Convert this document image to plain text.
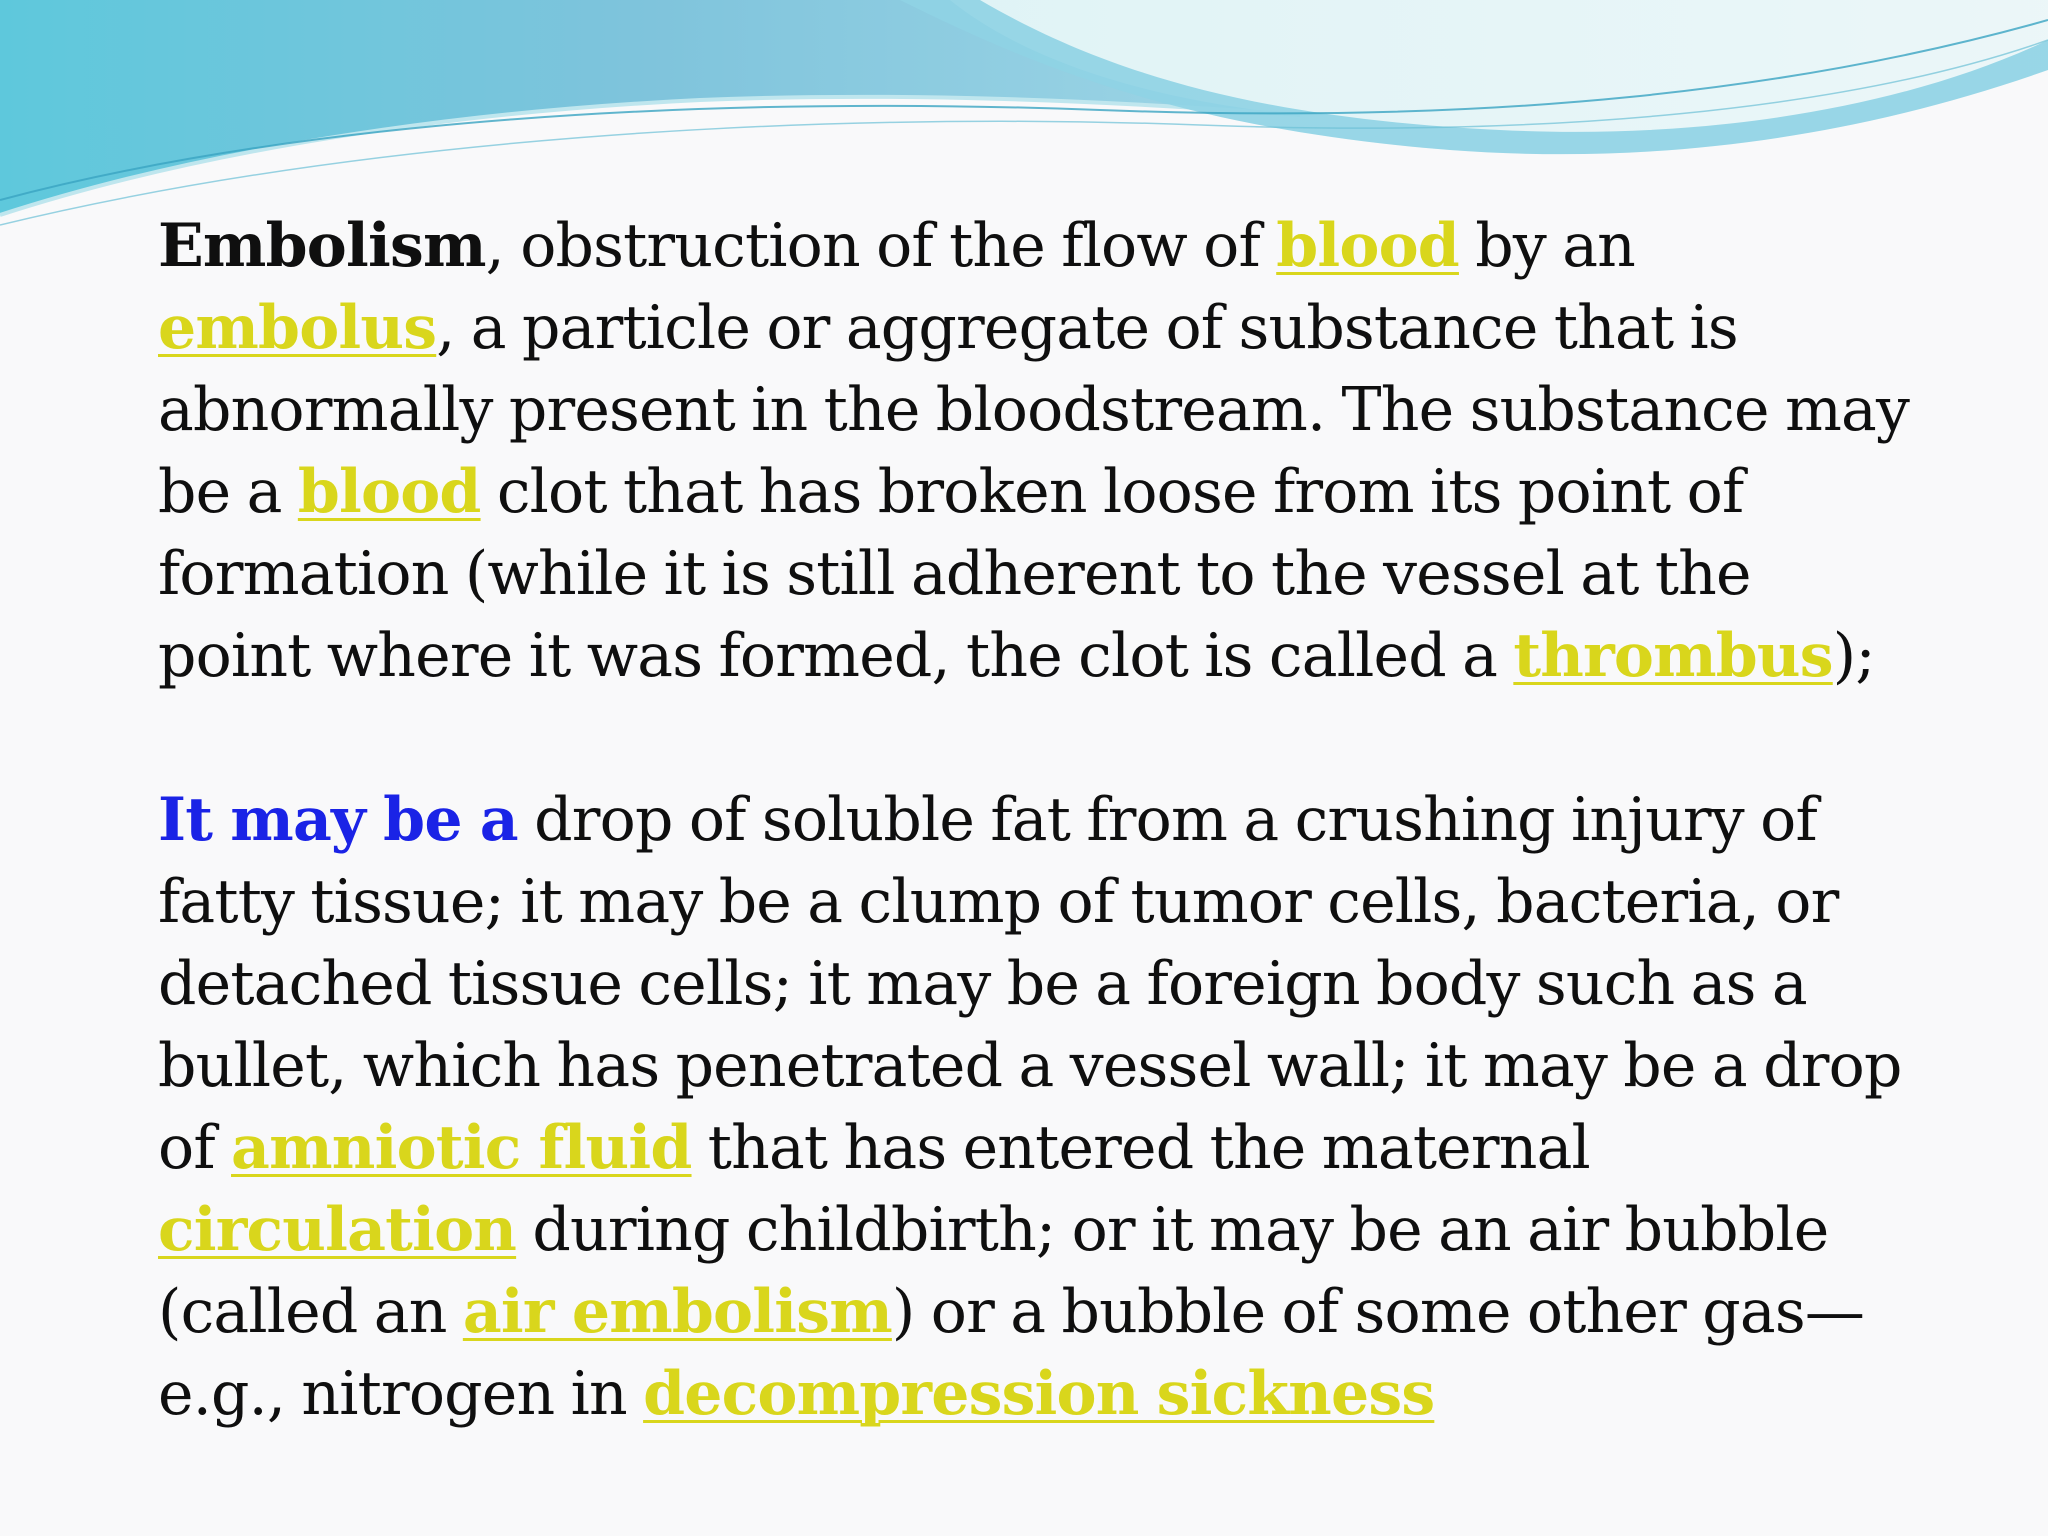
Embolism, obstruction of the flow of blood by an embolus, a particle or aggregate of substance that is abnormally present in the bloodstream. The substance may be a blood clot that has broken loose from its point of formation (while it is still adherent to the vessel at the point where it was formed, the clot is called a thrombus);

It may be a drop of soluble fat from a crushing injury of fatty tissue; it may be a clump of tumor cells, bacteria, or detached tissue cells; it may be a foreign body such as a bullet, which has penetrated a vessel wall; it may be a drop of amniotic fluid that has entered the maternal circulation during childbirth; or it may be an air bubble (called an air embolism) or a bubble of some other gas—e.g., nitrogen in decompression sickness
